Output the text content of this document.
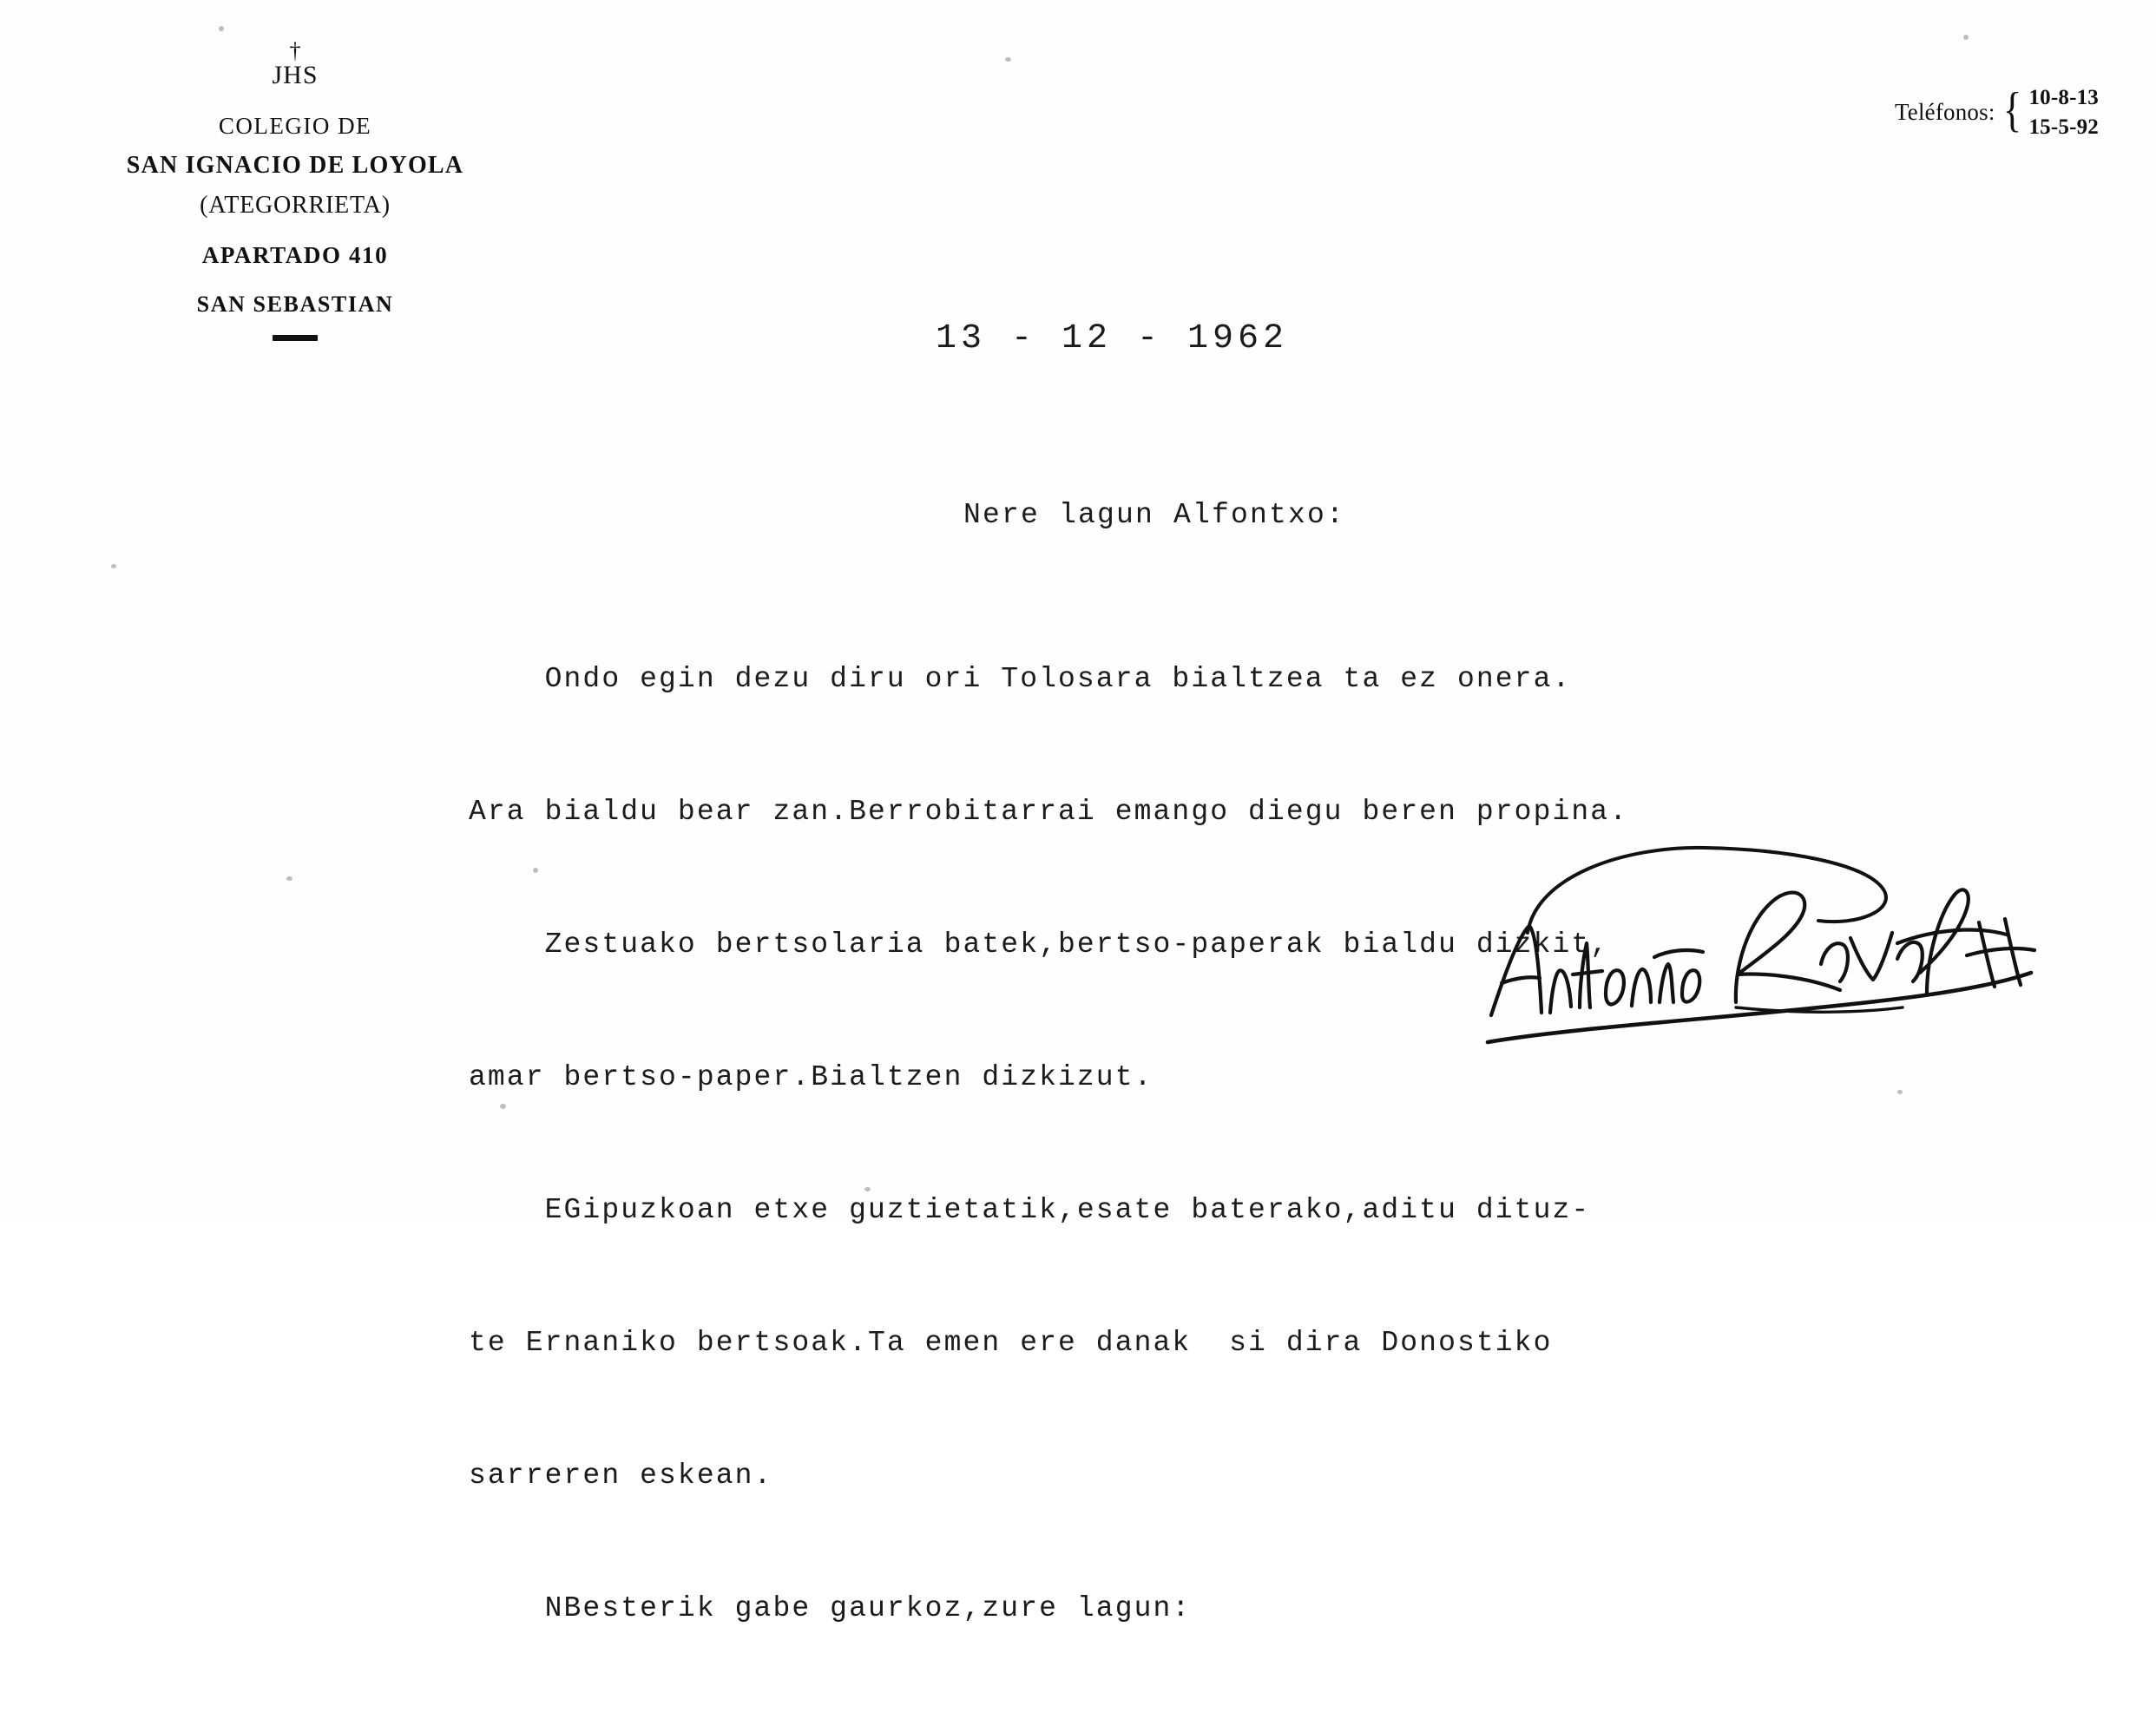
†
JHS
COLEGIO DE
SAN IGNACIO DE LOYOLA
(ATEGORRIETA)
APARTADO 410
SAN SEBASTIAN
Teléfonos: { 10-8-13
15-5-92
13 - 12 - 1962
Nere lagun Alfontxo:

Ondo egin dezu diru ori Tolosara bialtzea ta ez onera.

Ara bialdu bear zan.Berrobitarrai emango diegu beren propina.

Zestuako bertsolaria batek,bertso-paperak bialdu dizkit,

amar bertso-paper.Bialtzen dizkizut.

EGipuzkoan etxe guztietatik,esate baterako,aditu dituz-

te Ernaniko bertsoak.Ta emen ere danak  si dira Donostiko

sarreren eskean.

NBesterik gabe gaurkoz,zure lagun:
